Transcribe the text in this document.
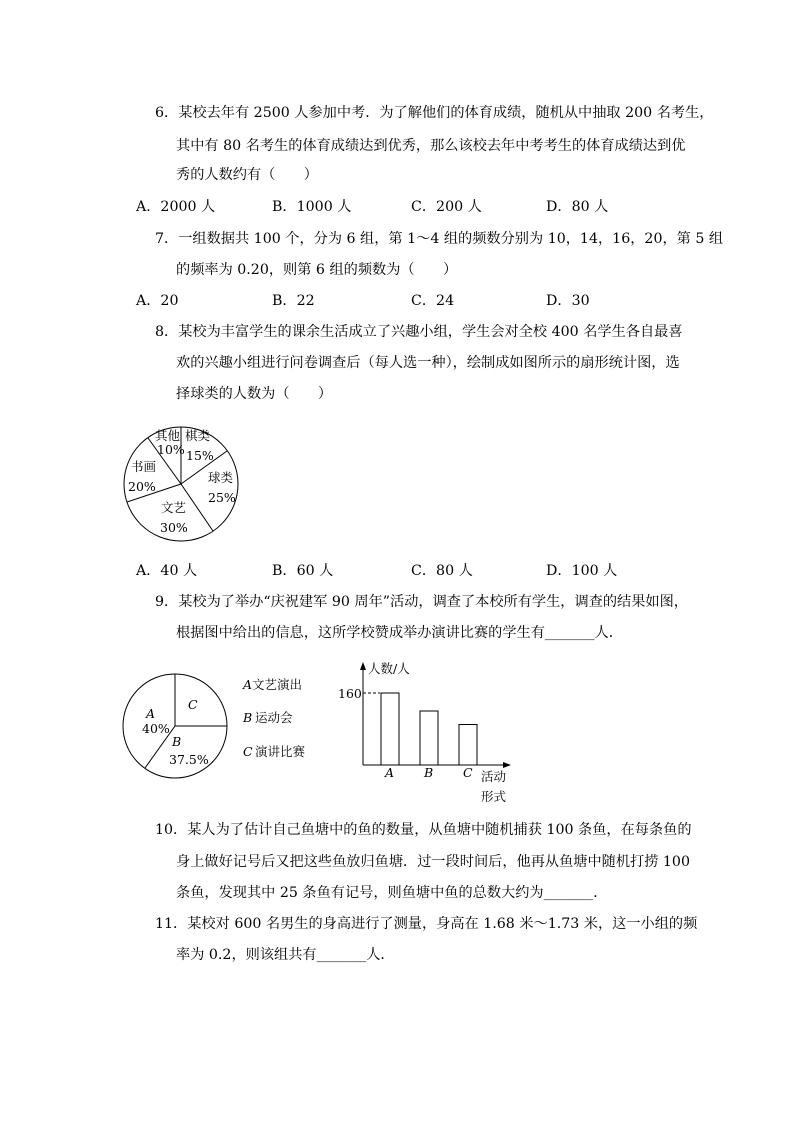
6．某校去年有 2500 人参加中考．为了解他们的体育成绩，随机从中抽取 200 名考生，
其中有 80 名考生的体育成绩达到优秀，那么该校去年中考考生的体育成绩达到优
秀的人数约有（　　）
A．2000 人	B．1000 人	C．200 人	D．80 人
7．一组数据共 100 个，分为 6 组，第 1～4 组的频数分别为 10，14，16，20，第 5 组
的频率为 0.20，则第 6 组的频数为（　　）
A．20	B．22	C．24	D．30
8．某校为丰富学生的课余生活成立了兴趣小组，学生会对全校 400 名学生各自最喜
欢的兴趣小组进行问卷调查后（每人选一种），绘制成如图所示的扇形统计图，选
择球类的人数为（　　）
棋类
15%
球类
25%
文艺
30%
书画
20%
其他
10%
A．40 人	B．60 人	C．80 人	D．100 人
9．某校为了举办“庆祝建军 90 周年”活动，调查了本校所有学生，调查的结果如图，
根据图中给出的信息，这所学校赞成举办演讲比赛的学生有_______人．
A
40%
C
B
37.5%
A 文艺演出
B 运动会
C 演讲比赛
人数/人
160
活动
形式
A B C
10．某人为了估计自己鱼塘中的鱼的数量，从鱼塘中随机捕获 100 条鱼，在每条鱼的
身上做好记号后又把这些鱼放归鱼塘．过一段时间后，他再从鱼塘中随机打捞 100
条鱼，发现其中 25 条鱼有记号，则鱼塘中鱼的总数大约为_______．
11．某校对 600 名男生的身高进行了测量，身高在 1.68 米～1.73 米，这一小组的频
率为 0.2，则该组共有_______人．
